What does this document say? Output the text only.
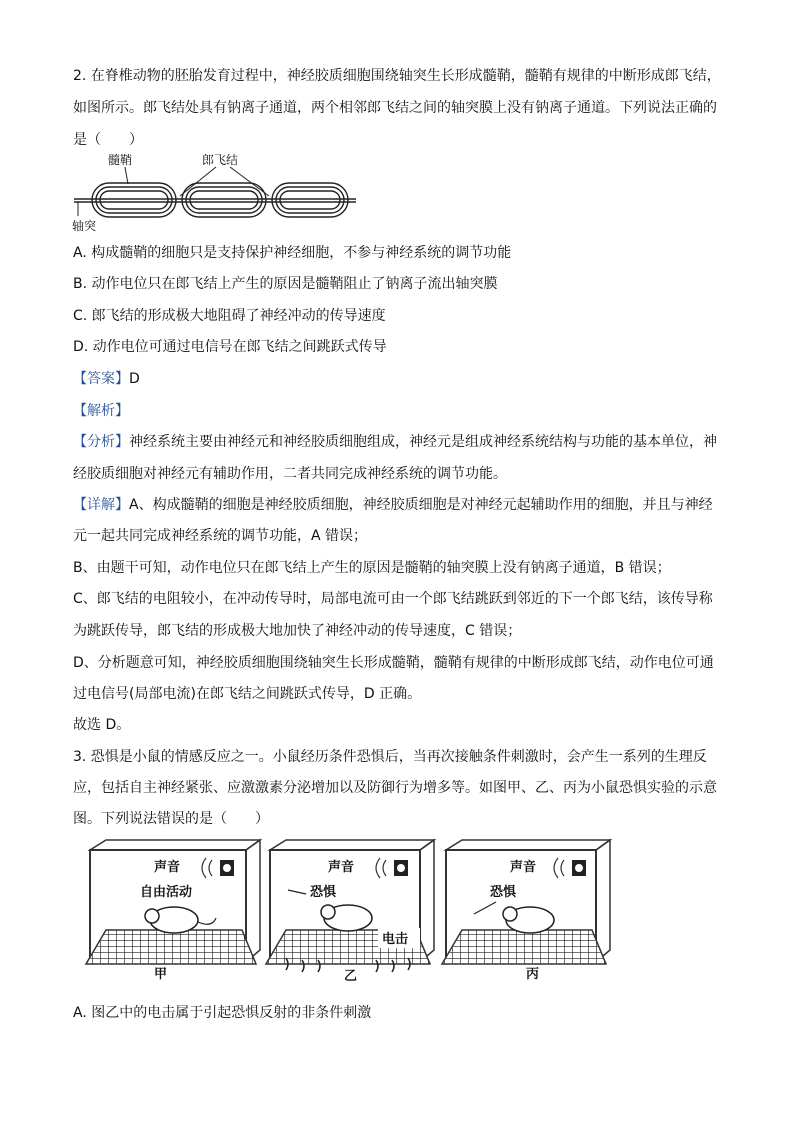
2. 在脊椎动物的胚胎发育过程中，神经胶质细胞围绕轴突生长形成髓鞘，髓鞘有规律的中断形成郎飞结，
如图所示。郎飞结处具有钠离子通道，两个相邻郎飞结之间的轴突膜上没有钠离子通道。下列说法正确的
是（　　）
髓鞘	郎飞结
轴突
A. 构成髓鞘的细胞只是支持保护神经细胞，不参与神经系统的调节功能
B. 动作电位只在郎飞结上产生的原因是髓鞘阻止了钠离子流出轴突膜
C. 郎飞结的形成极大地阻碍了神经冲动的传导速度
D. 动作电位可通过电信号在郎飞结之间跳跃式传导
【答案】D
【解析】
【分析】神经系统主要由神经元和神经胶质细胞组成，神经元是组成神经系统结构与功能的基本单位，神
经胶质细胞对神经元有辅助作用，二者共同完成神经系统的调节功能。
【详解】A、构成髓鞘的细胞是神经胶质细胞，神经胶质细胞是对神经元起辅助作用的细胞，并且与神经
元一起共同完成神经系统的调节功能，A 错误；
B、由题干可知，动作电位只在郎飞结上产生的原因是髓鞘的轴突膜上没有钠离子通道，B 错误；
C、郎飞结的电阻较小，在冲动传导时，局部电流可由一个郎飞结跳跃到邻近的下一个郎飞结，该传导称
为跳跃传导，郎飞结的形成极大地加快了神经冲动的传导速度，C 错误；
D、分析题意可知，神经胶质细胞围绕轴突生长形成髓鞘，髓鞘有规律的中断形成郎飞结，动作电位可通
过电信号(局部电流)在郎飞结之间跳跃式传导，D 正确。
故选 D。
3. 恐惧是小鼠的情感反应之一。小鼠经历条件恐惧后，当再次接触条件刺激时，会产生一系列的生理反
应，包括自主神经紧张、应激激素分泌增加以及防御行为增多等。如图甲、乙、丙为小鼠恐惧实验的示意
图。下列说法错误的是（　　）
声音
自由活动
甲
声音
恐惧
电击
乙
声音
恐惧
丙
A. 图乙中的电击属于引起恐惧反射的非条件刺激
